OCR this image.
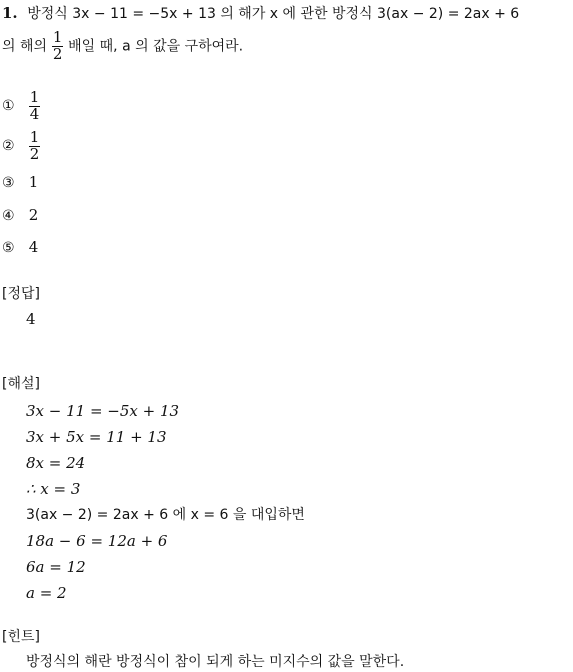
1. 방정식 3x − 11 = −5x + 13 의 해가 x 에 관한 방정식 3(ax − 2) = 2ax + 6
의 해의 $\frac{1}{2}$ 배일 때, a 의 값을 구하여라.
① $\frac{1}{4}$
② $\frac{1}{2}$
③ 1
④ 2
⑤ 4
[정답]
4
[해설]
3x − 11 = −5x + 13
3x + 5x = 11 + 13
8x = 24
∴ x = 3
3(ax − 2) = 2ax + 6 에 x = 6 을 대입하면
18a − 6 = 12a + 6
6a = 12
a = 2
[힌트]
방정식의 해란 방정식이 참이 되게 하는 미지수의 값을 말한다.
